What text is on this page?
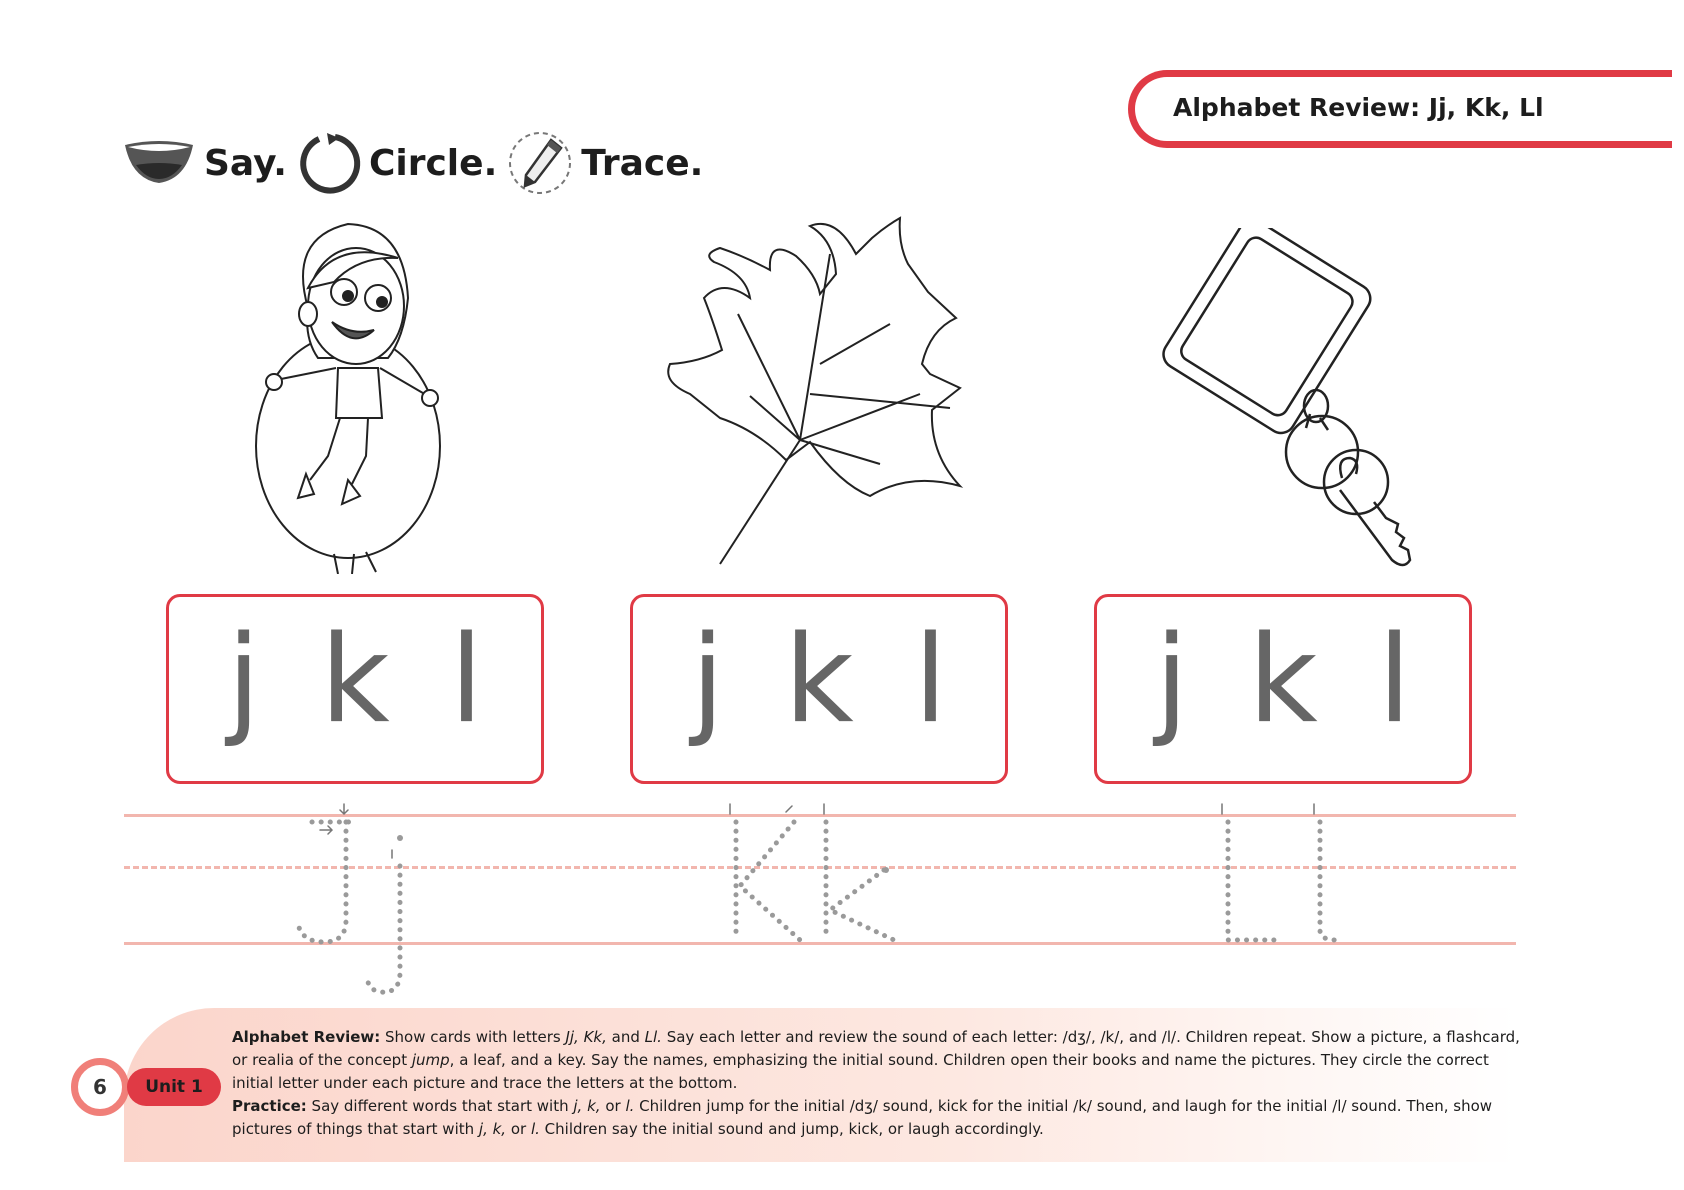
Alphabet Review: Jj, Kk, Ll
Say. Circle. Trace.
j k l j k l j k l
6 Unit 1
Alphabet Review: Show cards with letters Jj, Kk, and Ll. Say each letter and review the sound of each letter: /dʒ/, /k/, and /l/. Children repeat. Show a picture, a flashcard, or realia of the concept jump, a leaf, and a key. Say the names, emphasizing the initial sound. Children open their books and name the pictures. They circle the correct initial letter under each picture and trace the letters at the bottom.
Practice: Say different words that start with j, k, or l. Children jump for the initial /dʒ/ sound, kick for the initial /k/ sound, and laugh for the initial /l/ sound. Then, show pictures of things that start with j, k, or l. Children say the initial sound and jump, kick, or laugh accordingly.
